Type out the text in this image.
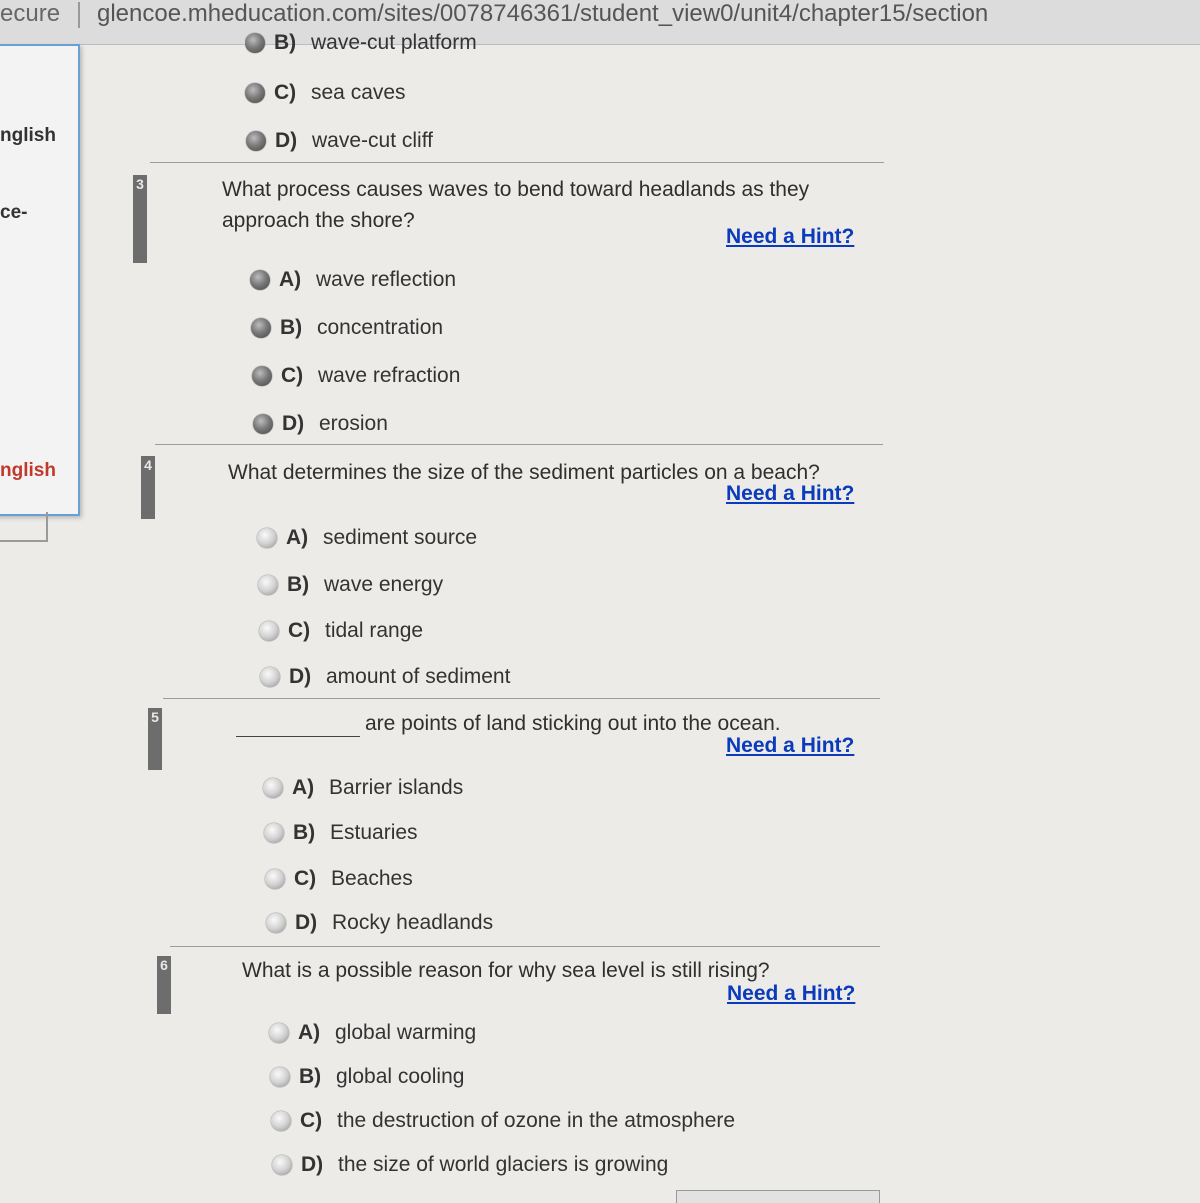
ecure glencoe.mheducation.com/sites/0078746361/student_view0/unit4/chapter15/section
nglish
ce-
nglish
B) wave-cut platform
C) sea caves
D) wave-cut cliff
3	What process causes waves to bend toward headlands as they
approach the shore?
Need a Hint?
A) wave reflection
B) concentration
C) wave refraction
D) erosion
4	What determines the size of the sediment particles on a beach?
Need a Hint?
A) sediment source
B) wave energy
C) tidal range
D) amount of sediment
5	are points of land sticking out into the ocean.
Need a Hint?
A) Barrier islands
B) Estuaries
C) Beaches
D) Rocky headlands
6	What is a possible reason for why sea level is still rising?
Need a Hint?
A) global warming
B) global cooling
C) the destruction of ozone in the atmosphere
D) the size of world glaciers is growing
